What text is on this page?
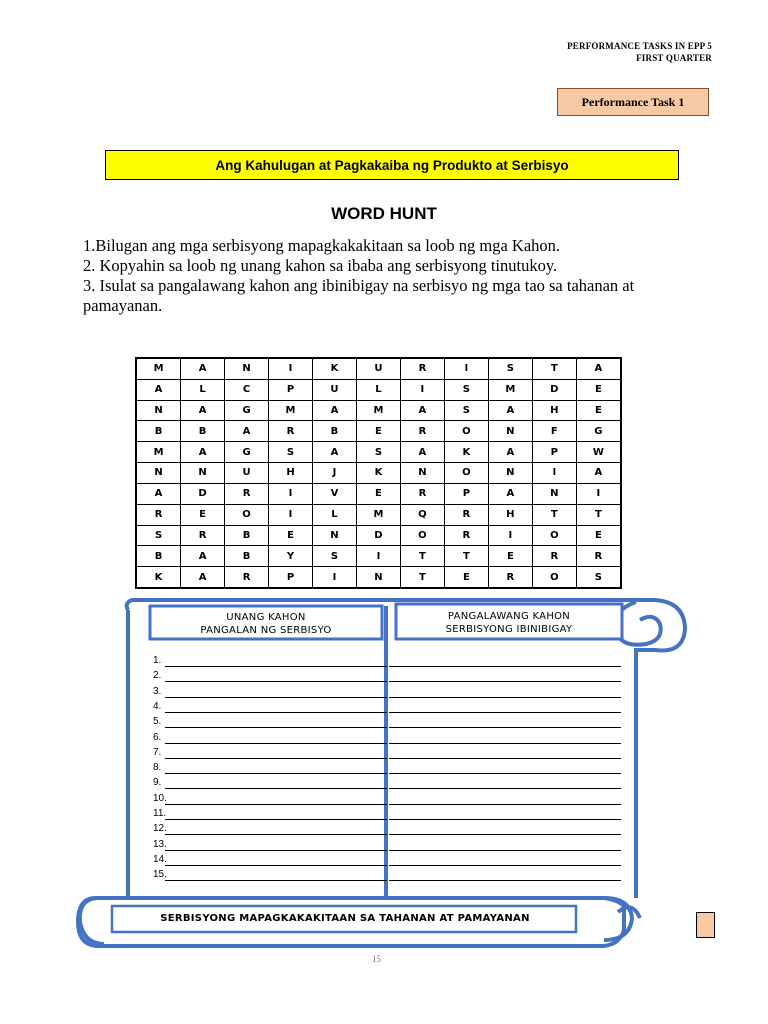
PERFORMANCE TASKS IN EPP 5
FIRST QUARTER
Performance Task 1
Ang Kahulugan at Pagkakaiba ng Produkto at Serbisyo
WORD HUNT

1.Bilugan ang mga serbisyong mapagkakakitaan sa loob ng mga Kahon.

2. Kopyahin sa loob ng unang kahon sa ibaba ang serbisyong tinutukoy.

3. Isulat sa pangalawang kahon ang ibinibigay na serbisyo ng mga tao sa tahanan at pamayanan.

M	A	N	I	K	U	R	I	S	T	A
A	L	C	P	U	L	I	S	M	D	E
N	A	G	M	A	M	A	S	A	H	E
B	B	A	R	B	E	R	O	N	F	G
M	A	G	S	A	S	A	K	A	P	W
N	N	U	H	J	K	N	O	N	I	A
A	D	R	I	V	E	R	P	A	N	I
R	E	O	I	L	M	Q	R	H	T	T
S	R	B	E	N	D	O	R	I	O	E
B	A	B	Y	S	I	T	T	E	R	R
K	A	R	P	I	N	T	E	R	O	S
UNANG KAHON
PANGALAN NG SERBISYO
PANGALAWANG KAHON
SERBISYONG IBINIBIGAY
1.
2.
3.
4.
5.
6.
7.
8.
9.
10.
11.
12.
13.
14.
15.
SERBISYONG MAPAGKAKAKITAAN SA TAHANAN AT PAMAYANAN
15
